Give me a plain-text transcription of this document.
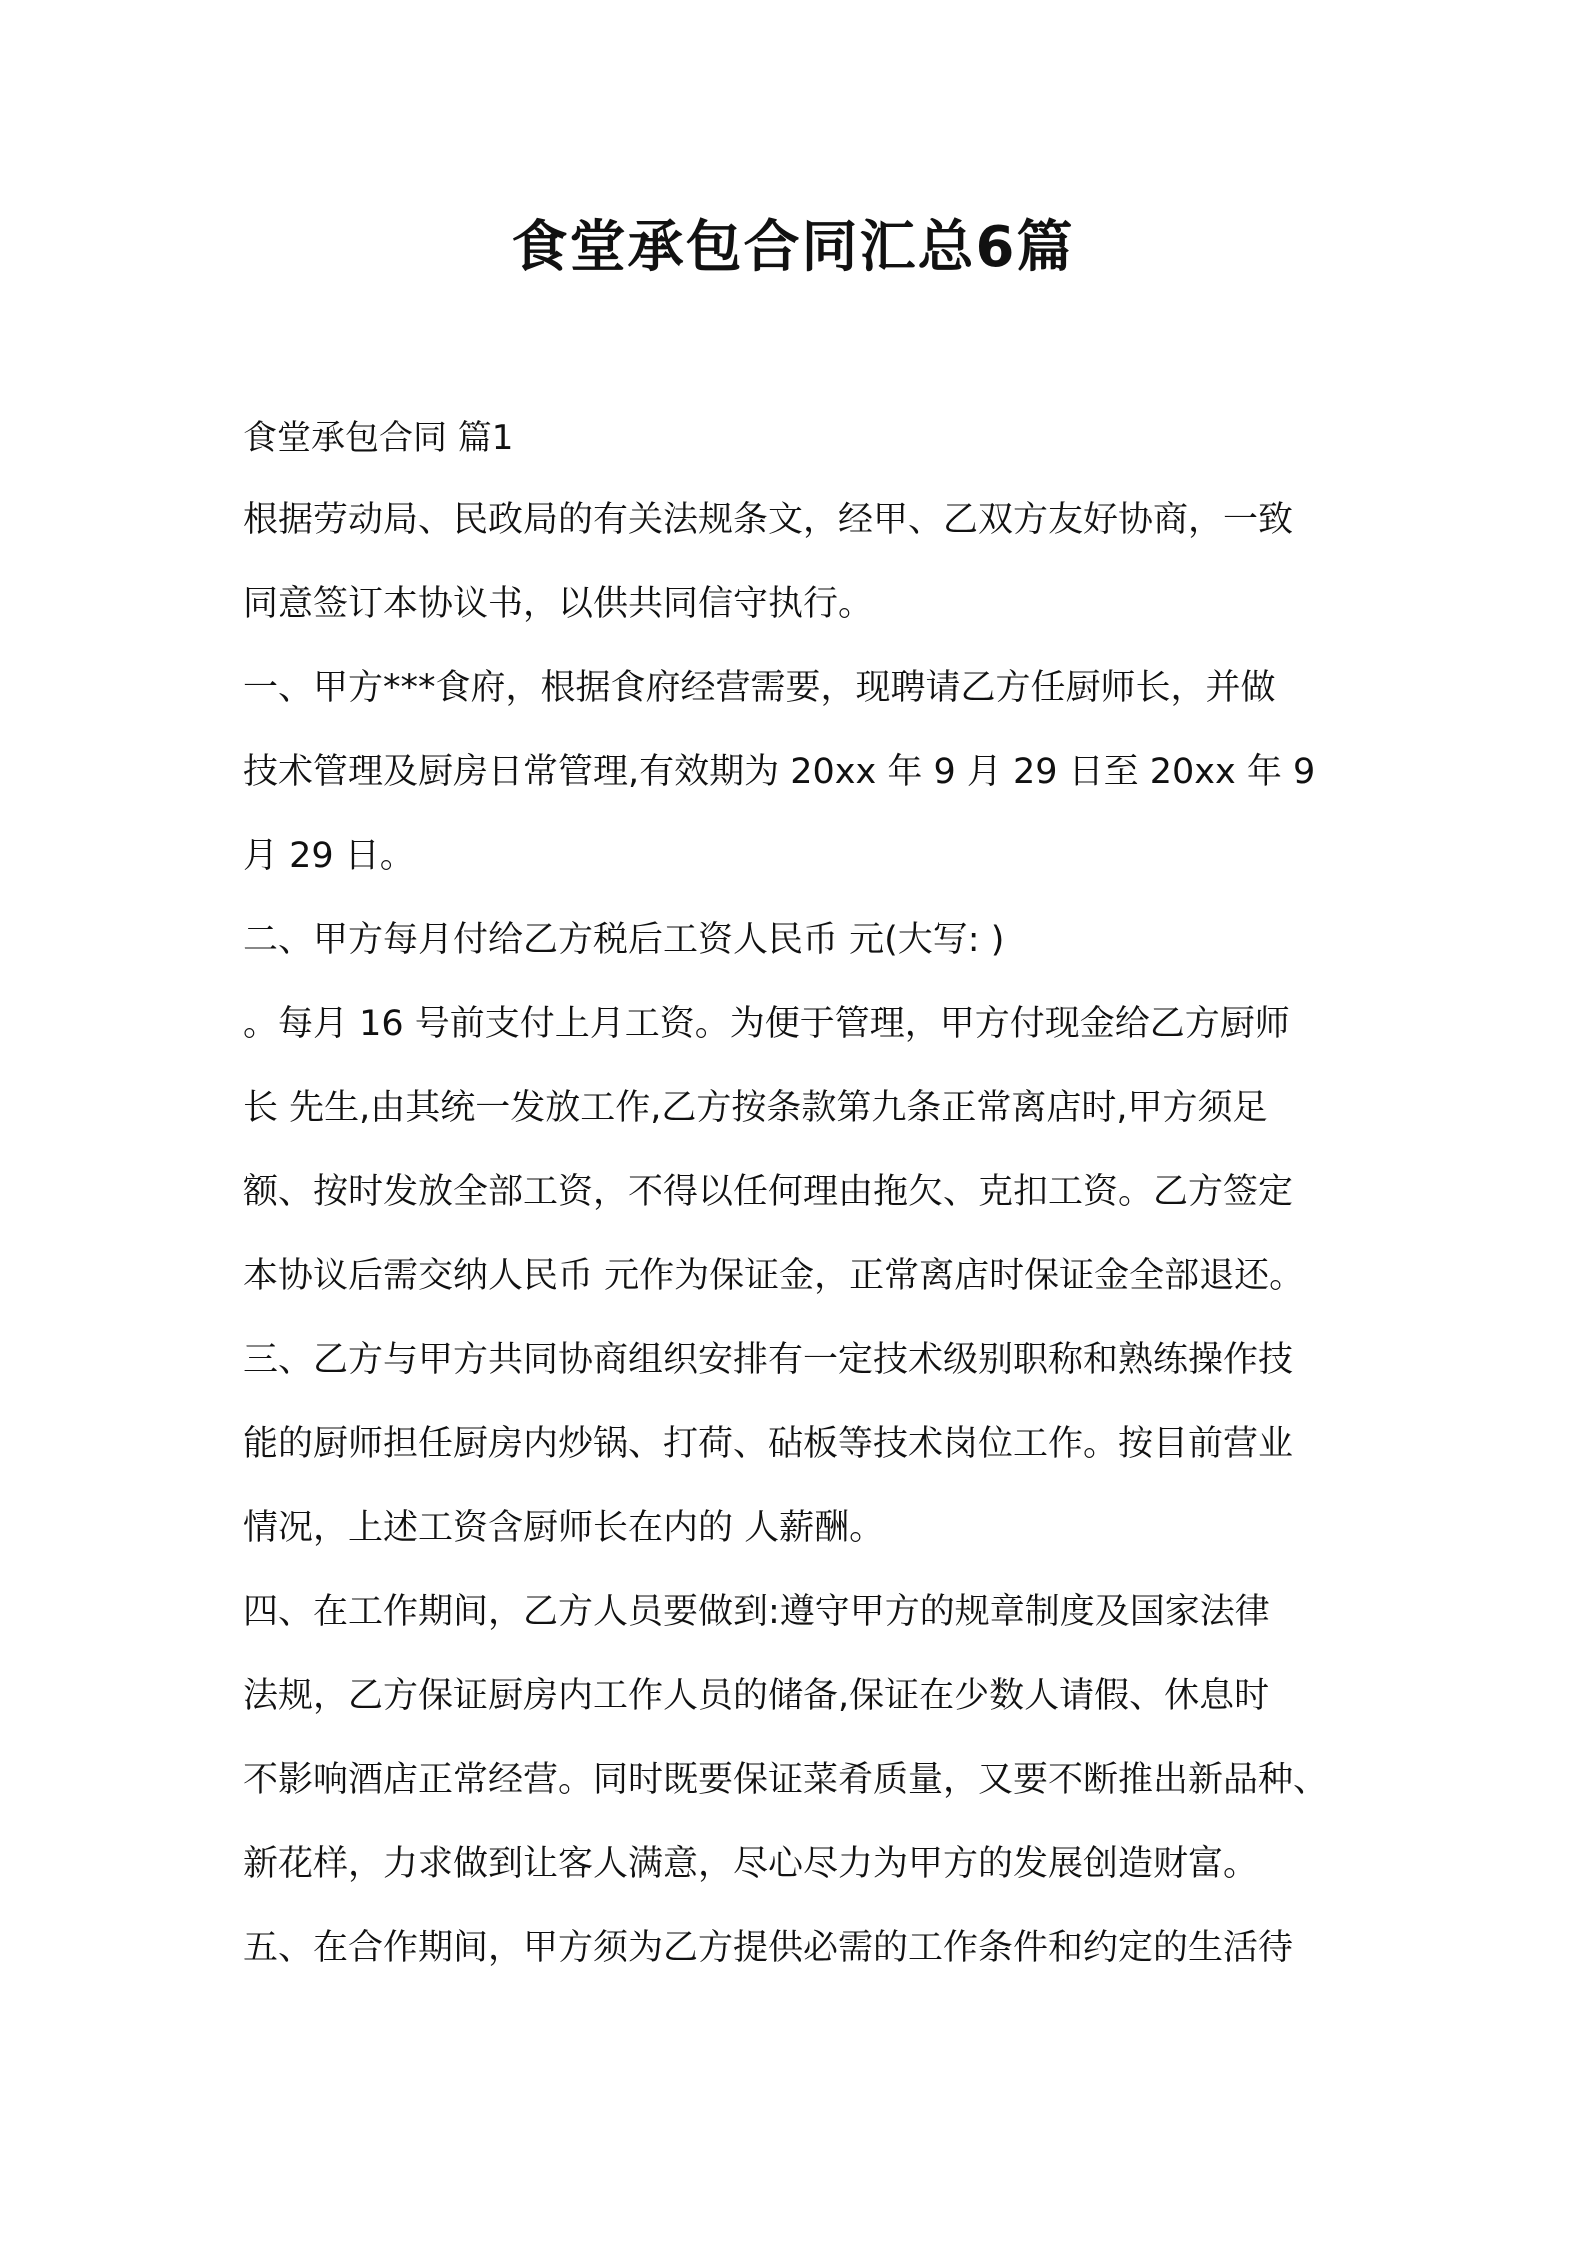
食堂承包合同汇总6篇

食堂承包合同 篇1

根据劳动局、民政局的有关法规条文，经甲、乙双方友好协商，一致

同意签订本协议书，以供共同信守执行。

一、甲方***食府，根据食府经营需要，现聘请乙方任厨师长，并做

技术管理及厨房日常管理,有效期为 20xx 年 9 月 29 日至 20xx 年 9

月 29 日。

二、甲方每月付给乙方税后工资人民币 元(大写: )

。每月 16 号前支付上月工资。为便于管理，甲方付现金给乙方厨师

长 先生,由其统一发放工作,乙方按条款第九条正常离店时,甲方须足

额、按时发放全部工资，不得以任何理由拖欠、克扣工资。乙方签定

本协议后需交纳人民币 元作为保证金，正常离店时保证金全部退还。

三、乙方与甲方共同协商组织安排有一定技术级别职称和熟练操作技

能的厨师担任厨房内炒锅、打荷、砧板等技术岗位工作。按目前营业

情况，上述工资含厨师长在内的 人薪酬。

四、在工作期间，乙方人员要做到:遵守甲方的规章制度及国家法律

法规，乙方保证厨房内工作人员的储备,保证在少数人请假、休息时

不影响酒店正常经营。同时既要保证菜肴质量，又要不断推出新品种、

新花样，力求做到让客人满意，尽心尽力为甲方的发展创造财富。

五、在合作期间，甲方须为乙方提供必需的工作条件和约定的生活待
